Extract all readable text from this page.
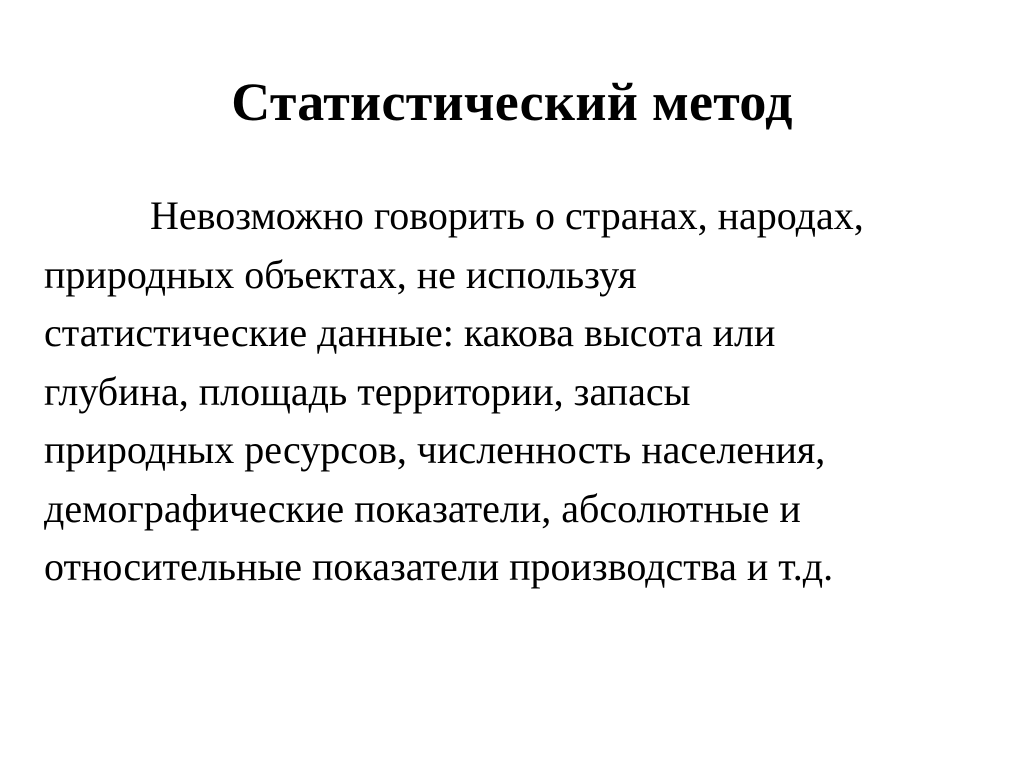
Статистический метод
Невозможно говорить о странах, народах,
природных объектах, не используя
статистические данные: какова высота или
глубина, площадь территории, запасы
природных ресурсов, численность населения,
демографические показатели, абсолютные и
относительные показатели производства и т.д.
